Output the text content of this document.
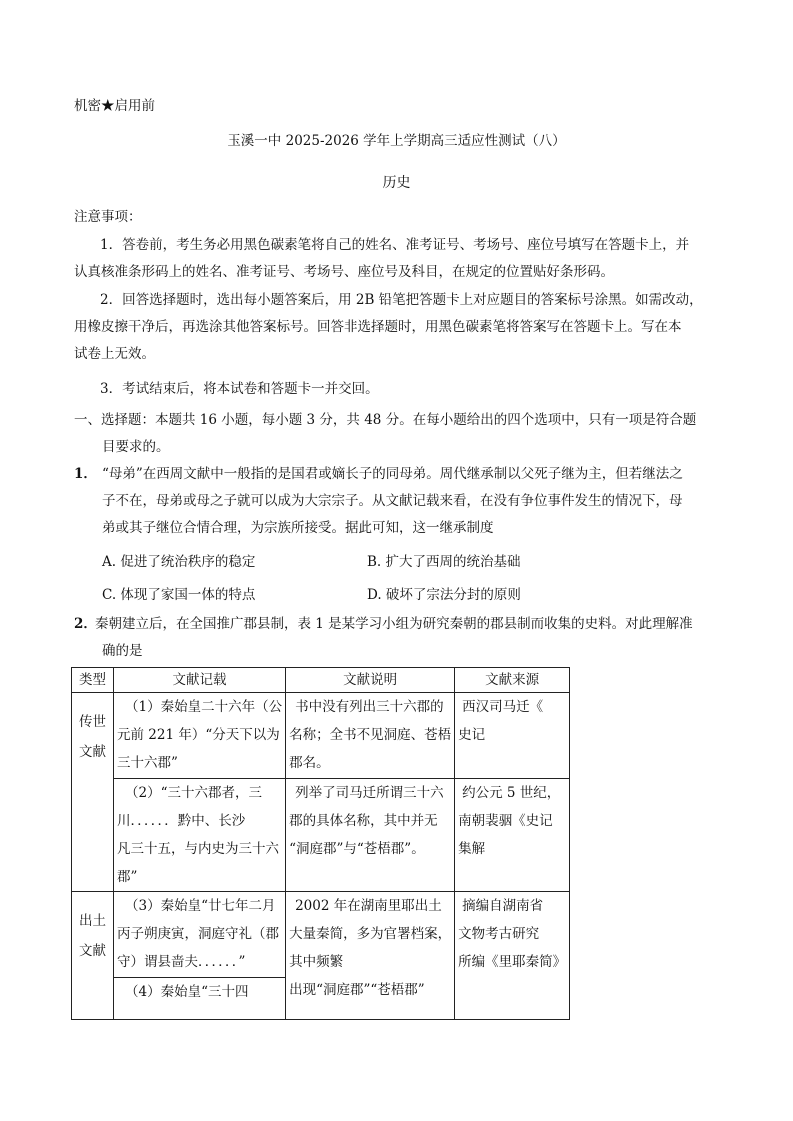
机密★启用前
玉溪一中 2025-2026 学年上学期高三适应性测试（八）
历史
注意事项：
1．答卷前，考生务必用黑色碳素笔将自己的姓名、准考证号、考场号、座位号填写在答题卡上，并
认真核准条形码上的姓名、准考证号、考场号、座位号及科目，在规定的位置贴好条形码。
2．回答选择题时，选出每小题答案后，用 2B 铅笔把答题卡上对应题目的答案标号涂黑。如需改动，
用橡皮擦干净后，再选涂其他答案标号。回答非选择题时，用黑色碳素笔将答案写在答题卡上。写在本
试卷上无效。
3．考试结束后，将本试卷和答题卡一并交回。
一、选择题：本题共 16 小题，每小题 3 分，共 48 分。在每小题给出的四个选项中，只有一项是符合题
目要求的。
1． “母弟”在西周文献中一般指的是国君或嫡长子的同母弟。周代继承制以父死子继为主，但若继法之
子不在，母弟或母之子就可以成为大宗宗子。从文献记载来看，在没有争位事件发生的情况下，母
弟或其子继位合情合理，为宗族所接受。据此可知，这一继承制度
A. 促进了统治秩序的稳定	B. 扩大了西周的统治基础
C. 体现了家国一体的特点	D. 破坏了宗法分封的原则
2．
秦朝建立后，在全国推广郡县制，表 1 是某学习小组为研究秦朝的郡县制而收集的史料。对此理解准
确的是
类型	文献记载	文献说明	文献来源

传世
文献	（1）秦始皇二十六年（公
元前 221 年）“分天下以为
三十六郡”	书中没有列出三十六郡的
名称；全书不见洞庭、苍梧
郡名。	西汉司马迁《
史记

	（2）“三十六郡者，三
川．．．．．．黔中、长沙
凡三十五，与内史为三十六
郡”	列举了司马迁所谓三十六
郡的具体名称，其中并无
“洞庭郡”与“苍梧郡”。	约公元 5 世纪，
南朝裴骃《史记
集解

出土
文献	（3）秦始皇“廿七年二月
丙子朔庚寅，洞庭守礼（郡
守）谓县啬夫．．．．．．”	2002 年在湖南里耶出土
大量秦简，多为官署档案，
其中频繁
出现“洞庭郡”“苍梧郡”	摘编自湖南省
文物考古研究
所编《里耶秦简》

	（4）秦始皇“三十四		
